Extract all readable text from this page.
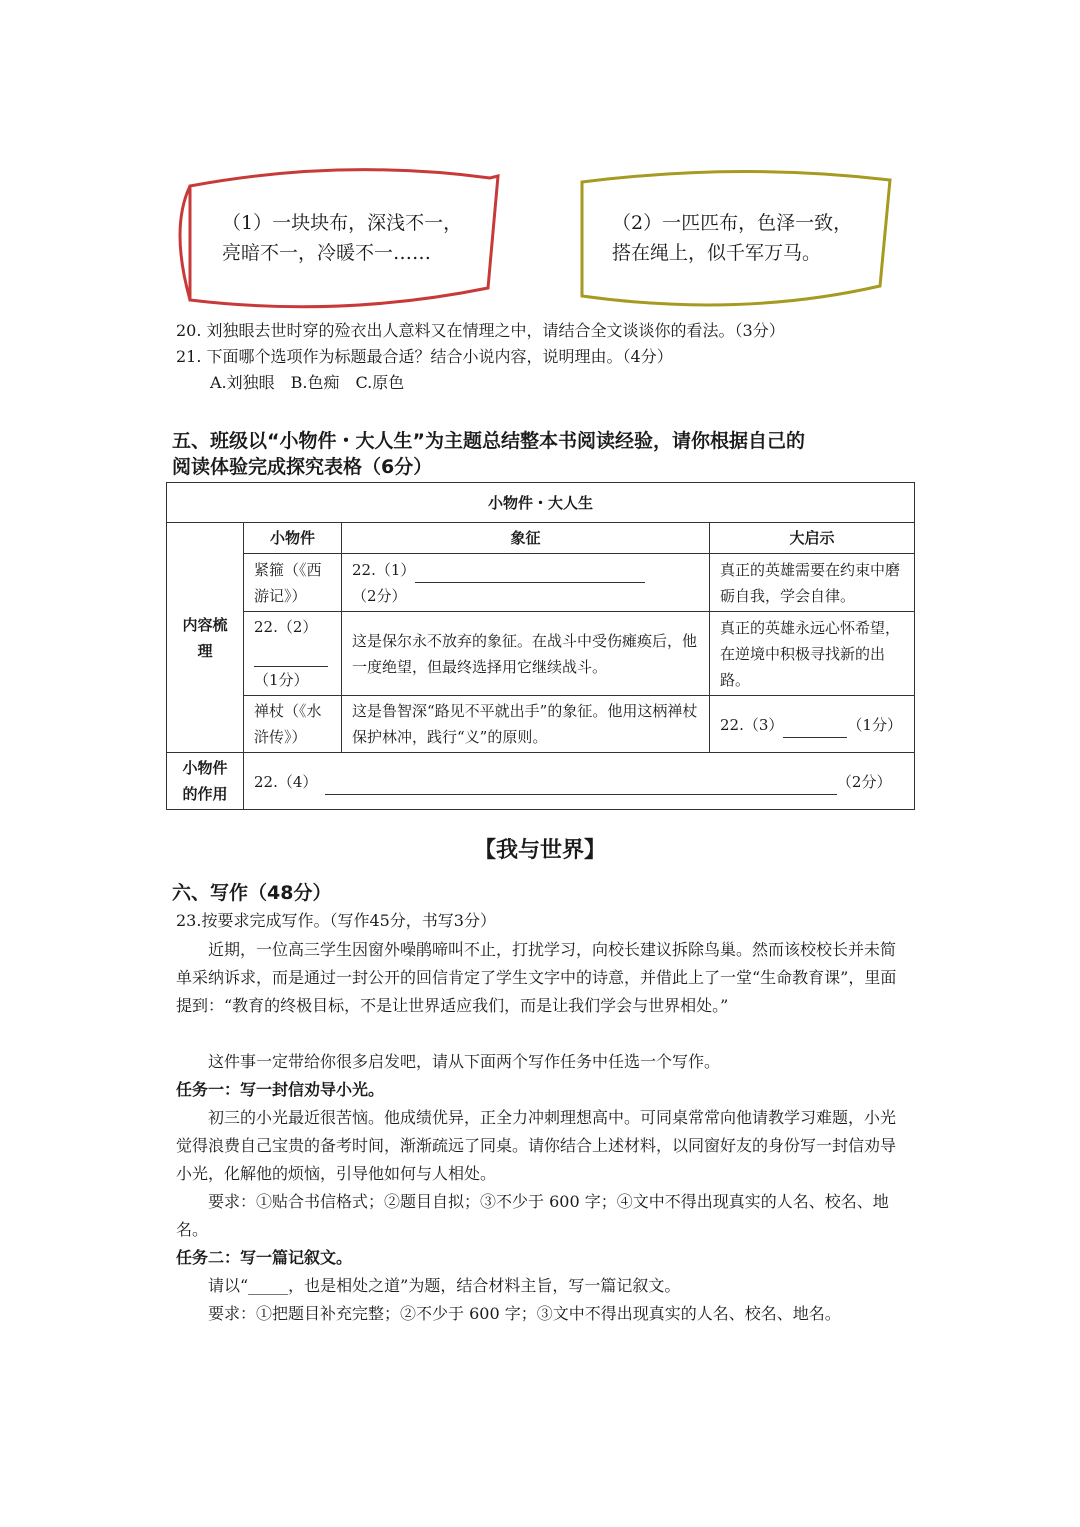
（1）一块块布，深浅不一，
亮暗不一，冷暖不一……
（2）一匹匹布，色泽一致，
搭在绳上，似千军万马。
20. 刘独眼去世时穿的殓衣出人意料又在情理之中，请结合全文谈谈你的看法。（3分）
21. 下面哪个选项作为标题最合适？结合小说内容，说明理由。（4分）
A.刘独眼　B.色痴　C.原色
五、班级以“小物件・大人生”为主题总结整本书阅读经验，请你根据自己的
阅读体验完成探究表格（6分）
小物件・大人生			
内容梳理	小物件	象征	大启示
	紧箍（《西游记》）	22.（1） （2分）	真正的英雄需要在约束中磨砺自我，学会自律。

	22.（2）

（1分）	这是保尔永不放弃的象征。在战斗中受伤瘫痪后，他一度绝望，但最终选择用它继续战斗。	真正的英雄永远心怀希望，在逆境中积极寻找新的出路。
	禅杖（《水浒传》）	这是鲁智深“路见不平就出手”的象征。他用这柄禅杖保护林冲，践行“义”的原则。	22.（3） （1分）
小物件的作用	22.（4）　 （2分）		
【我与世界】
六、写作（48分）
23.按要求完成写作。（写作45分，书写3分）
近期，一位高三学生因窗外噪鹃啼叫不止，打扰学习，向校长建议拆除鸟巢。然而该校校长并未简单采纳诉求，而是通过一封公开的回信肯定了学生文字中的诗意，并借此上了一堂“生命教育课”，里面提到：“教育的终极目标，不是让世界适应我们，而是让我们学会与世界相处。”
这件事一定带给你很多启发吧，请从下面两个写作任务中任选一个写作。
任务一：写一封信劝导小光。
初三的小光最近很苦恼。他成绩优异，正全力冲刺理想高中。可同桌常常向他请教学习难题，小光觉得浪费自己宝贵的备考时间，渐渐疏远了同桌。请你结合上述材料，以同窗好友的身份写一封信劝导小光，化解他的烦恼，引导他如何与人相处。
要求：①贴合书信格式；②题目自拟；③不少于 600 字；④文中不得出现真实的人名、校名、地名。
任务二：写一篇记叙文。
请以“_____，也是相处之道”为题，结合材料主旨，写一篇记叙文。
要求：①把题目补充完整；②不少于 600 字；③文中不得出现真实的人名、校名、地名。
